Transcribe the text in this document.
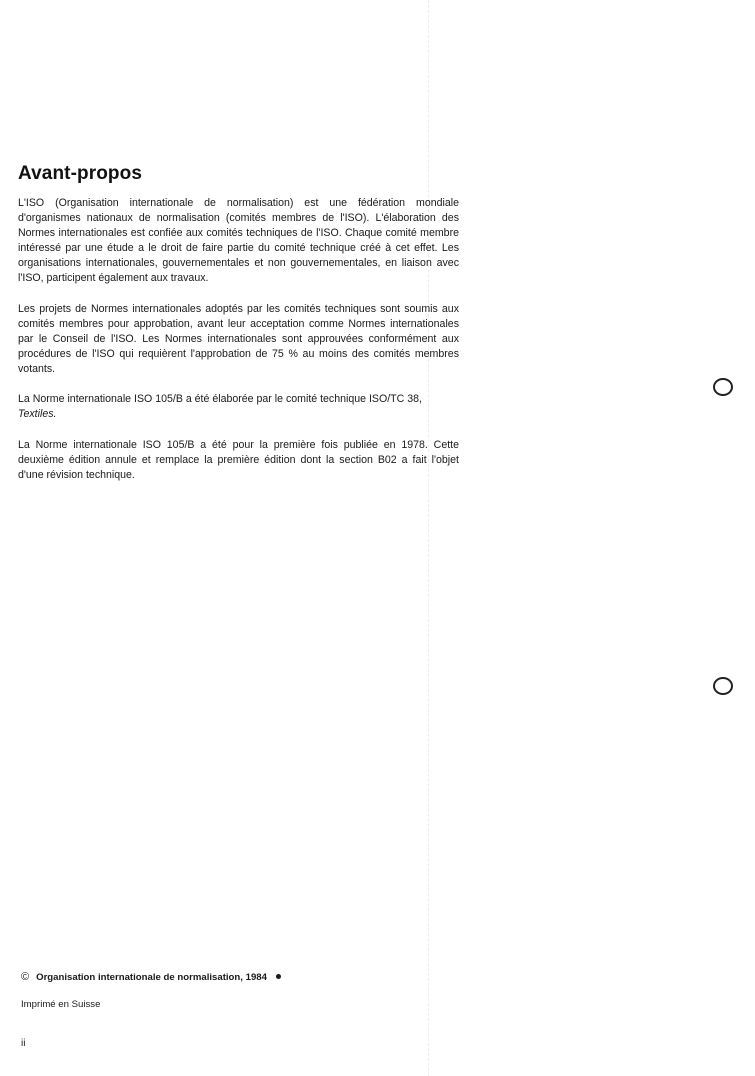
Avant-propos

L'ISO (Organisation internationale de normalisation) est une fédération mondiale d'organismes nationaux de normalisation (comités membres de l'ISO). L'élaboration des Normes internationales est confiée aux comités techniques de l'ISO. Chaque comité membre intéressé par une étude a le droit de faire partie du comité technique créé à cet effet. Les organisations internationales, gouvernementales et non gouvernementales, en liaison avec l'ISO, participent également aux travaux.

Les projets de Normes internationales adoptés par les comités techniques sont soumis aux comités membres pour approbation, avant leur acceptation comme Normes internationales par le Conseil de l'ISO. Les Normes internationales sont approuvées conformément aux procédures de l'ISO qui requièrent l'approbation de 75 % au moins des comités membres votants.

La Norme internationale ISO 105/B a été élaborée par le comité technique ISO/TC 38,
Textiles.

La Norme internationale ISO 105/B a été pour la première fois publiée en 1978. Cette deuxième édition annule et remplace la première édition dont la section B02 a fait l'objet d'une révision technique.

© Organisation internationale de normalisation, 1984
Imprimé en Suisse
ii
